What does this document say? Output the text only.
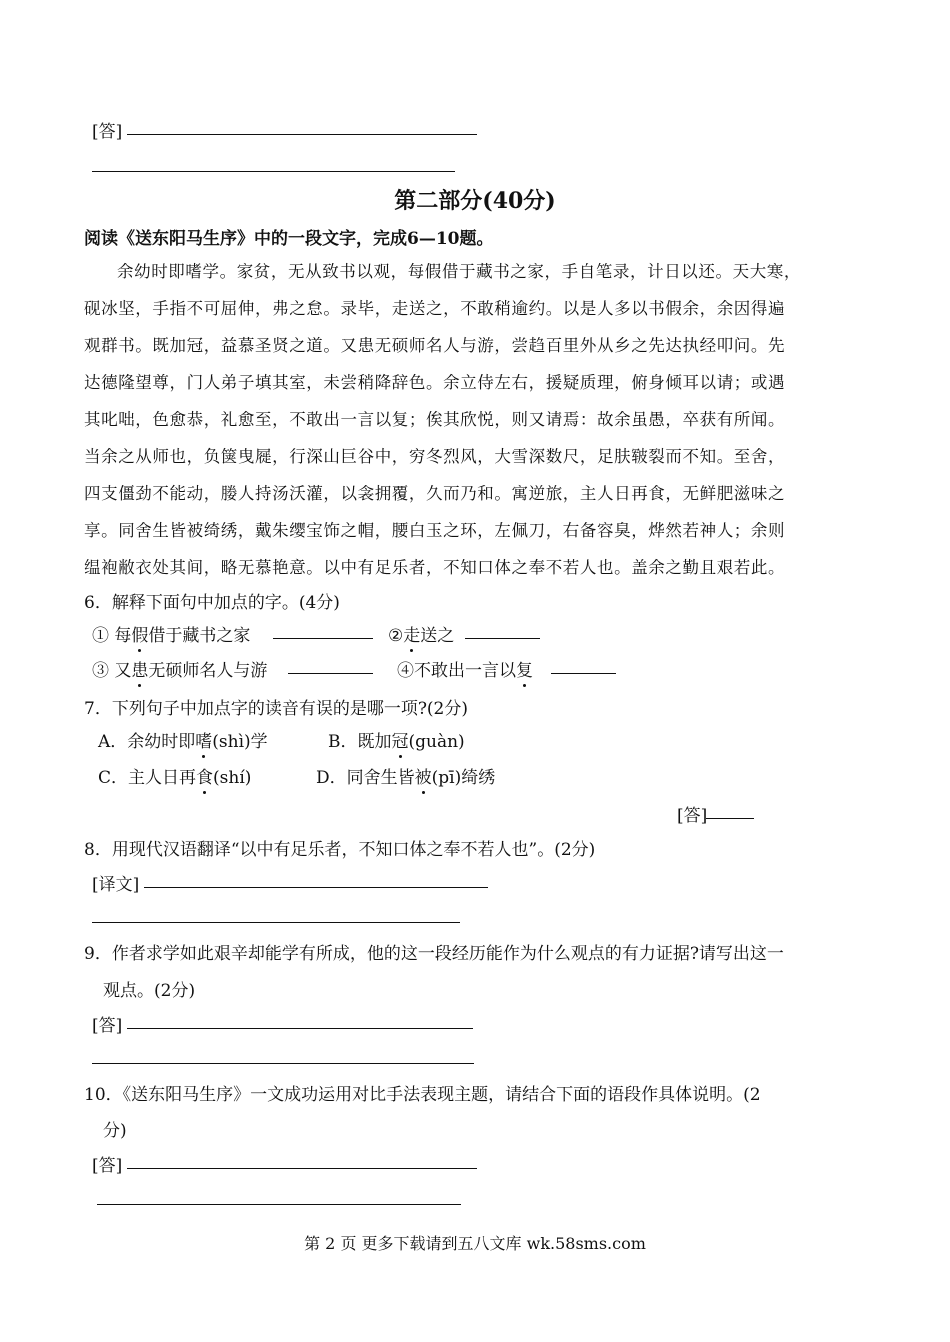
[答]
第二部分(40分)
阅读《送东阳马生序》中的一段文字，完成6—10题。
余幼时即嗜学。家贫，无从致书以观，每假借于藏书之家，手自笔录，计日以还。天大寒，
砚冰坚，手指不可屈伸，弗之怠。录毕，走送之，不敢稍逾约。以是人多以书假余，余因得遍
观群书。既加冠，益慕圣贤之道。又患无硕师名人与游，尝趋百里外从乡之先达执经叩问。先
达德隆望尊，门人弟子填其室，未尝稍降辞色。余立侍左右，援疑质理，俯身倾耳以请；或遇
其叱咄，色愈恭，礼愈至，不敢出一言以复；俟其欣悦，则又请焉：故余虽愚，卒获有所闻。
当余之从师也，负箧曳屣，行深山巨谷中，穷冬烈风，大雪深数尺，足肤皲裂而不知。至舍，
四支僵劲不能动，媵人持汤沃灌，以衾拥覆，久而乃和。寓逆旅，主人日再食，无鲜肥滋味之
享。同舍生皆被绮绣，戴朱缨宝饰之帽，腰白玉之环，左佩刀，右备容臭，烨然若神人；余则
缊袍敝衣处其间，略无慕艳意。以中有足乐者，不知口体之奉不若人也。盖余之勤且艰若此。
6．解释下面句中加点的字。(4分)
① 每假借于藏书之家	②走送之
③ 又患无硕师名人与游	④不敢出一言以复
7．下列句子中加点字的读音有误的是哪一项?(2分)
A．余幼时即嗜(shì)学	B．既加冠(guàn)
C．主人日再食(shí)	D．同舍生皆被(pī)绮绣
[答]
8．用现代汉语翻译“以中有足乐者，不知口体之奉不若人也”。(2分)
[译文]
9．作者求学如此艰辛却能学有所成，他的这一段经历能作为什么观点的有力证据?请写出这一
观点。(2分)
[答]
10．《送东阳马生序》一文成功运用对比手法表现主题，请结合下面的语段作具体说明。(2
分)
[答]
第 2 页 更多下载请到五八文库 wk.58sms.com
